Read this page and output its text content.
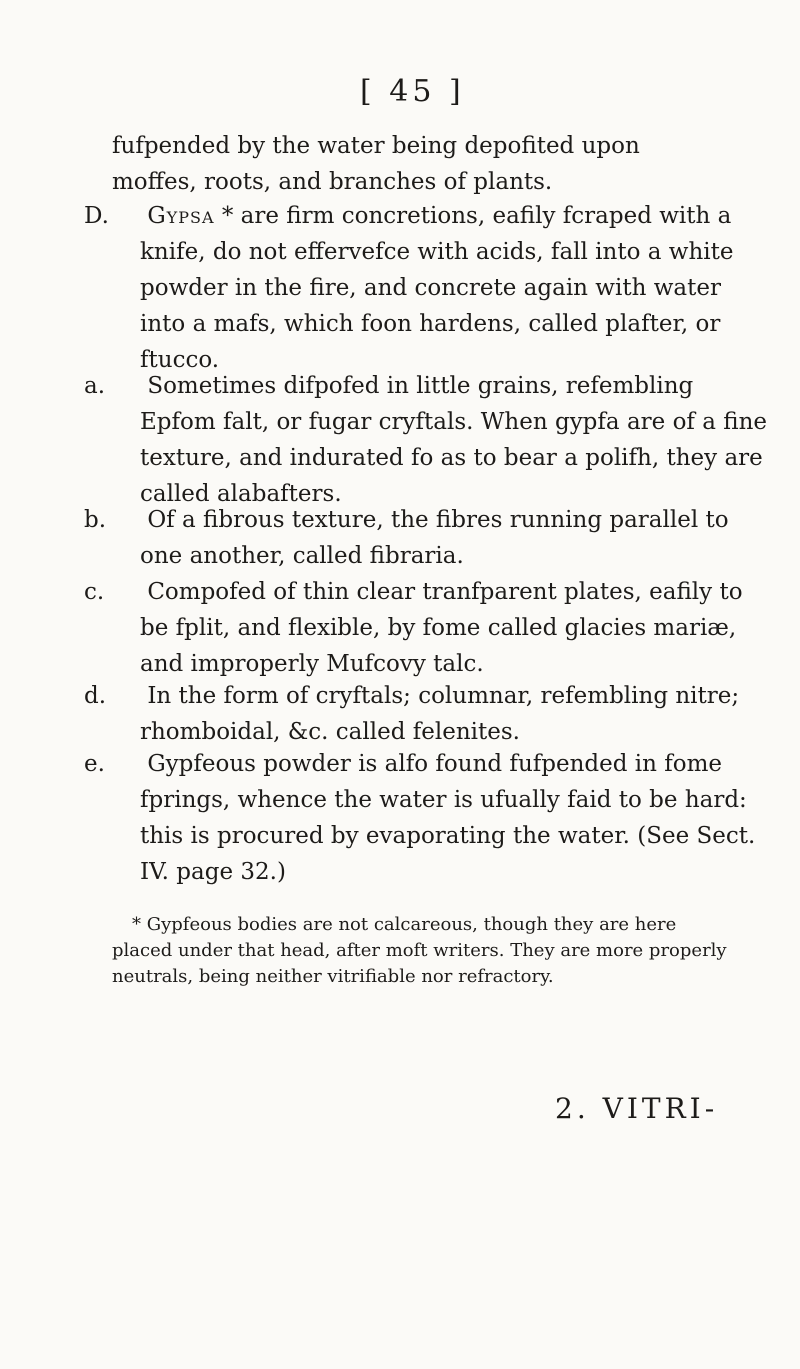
[ 45 ]
fufpended by the water being depofited upon
moffes, roots, and branches of plants.
D. Gypsa * are firm concretions, eafily fcraped with a knife, do not effervefce with acids, fall into a white powder in the fire, and concrete again with water into a mafs, which foon hardens, called plafter, or ftucco.
a. Sometimes difpofed in little grains, refembling Epfom falt, or fugar cryftals. When gypfa are of a fine texture, and indurated fo as to bear a polifh, they are called alabafters.
b. Of a fibrous texture, the fibres running parallel to one another, called fibraria.
c. Compofed of thin clear tranfparent plates, eafily to be fplit, and flexible, by fome called glacies mariæ, and improperly Mufcovy talc.
d. In the form of cryftals; columnar, refembling nitre; rhomboidal, &c. called felenites.
e. Gypfeous powder is alfo found fufpended in fome fprings, whence the water is ufually faid to be hard: this is procured by evaporating the water. (See Sect. IV. page 32.)
* Gypfeous bodies are not calcareous, though they are here placed under that head, after moft writers. They are more properly neutrals, being neither vitrifiable nor refractory.
2. VITRI-
